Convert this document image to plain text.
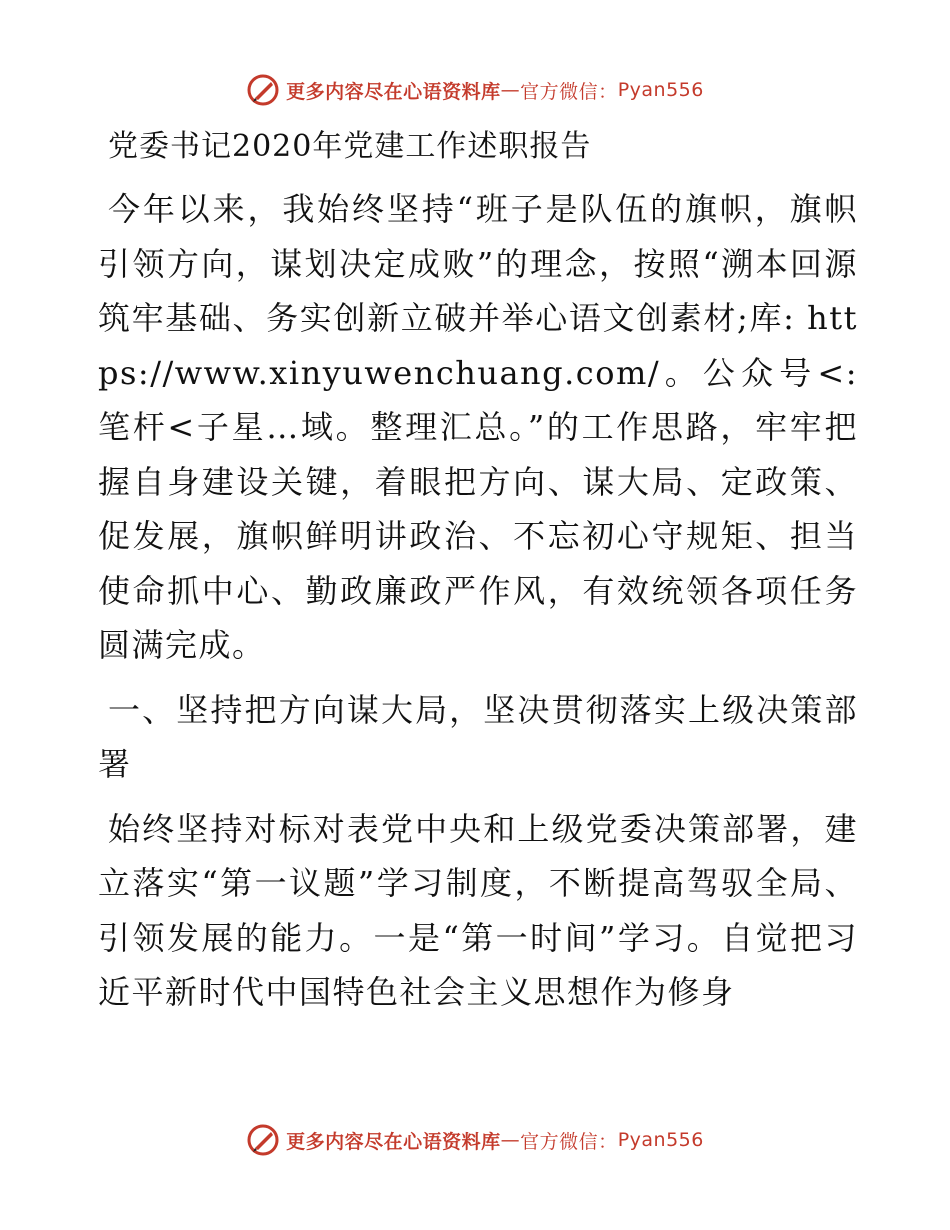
更多内容尽在心语资料库 — 官方微信： Pyan556
党委书记2020年党建工作述职报告

今年以来，我始终坚持“班子是队伍的旗帜，旗帜引领方向，谋划决定成败”的理念，按照“溯本回源筑牢基础、务实创新立破并举心语文创素材;库: https://www.xinyuwenchuang.com/。公众号<: 笔杆<子星…域。整理汇总。”的工作思路，牢牢把握自身建设关键，着眼把方向、谋大局、定政策、促发展，旗帜鲜明讲政治、不忘初心守规矩、担当使命抓中心、勤政廉政严作风，有效统领各项任务圆满完成。

一、坚持把方向谋大局，坚决贯彻落实上级决策部署

始终坚持对标对表党中央和上级党委决策部署，建立落实“第一议题”学习制度，不断提高驾驭全局、引领发展的能力。一是“第一时间”学习。自觉把习近平新时代中国特色社会主义思想作为修身

更多内容尽在心语资料库 — 官方微信： Pyan556
